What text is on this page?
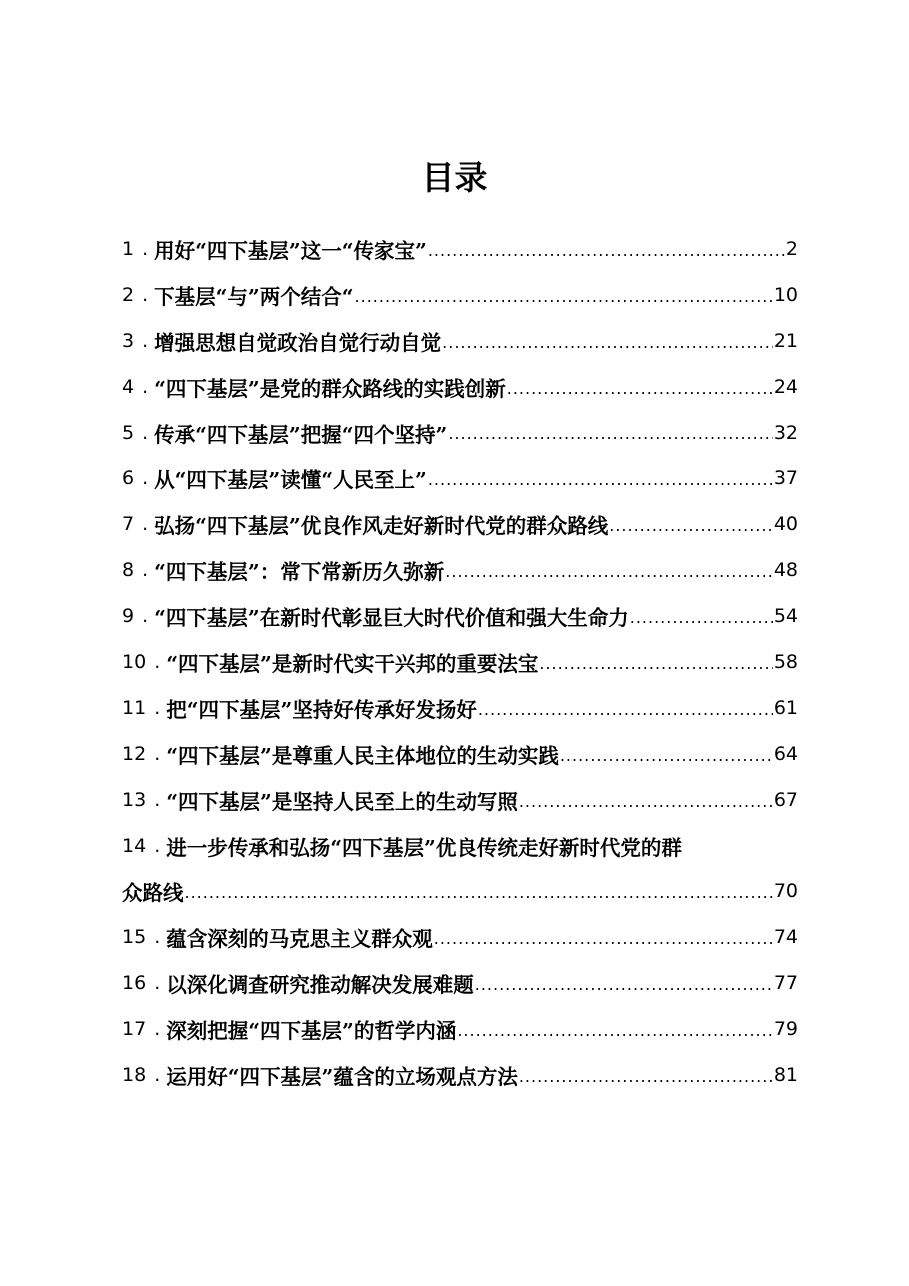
目录
1 . 用好“四下基层”这一“传家宝” .....	2
2 . 下基层“与”两个结合“ .....	10
3 . 增强思想自觉政治自觉行动自觉 .....	21
4 . “四下基层”是党的群众路线的实践创新 .....	24
5 . 传承“四下基层”把握“四个坚持” .....	32
6 . 从“四下基层”读懂“人民至上” .....	37
7 . 弘扬“四下基层”优良作风走好新时代党的群众路线 .....	40
8 . “四下基层”：常下常新历久弥新 .....	48
9 . “四下基层”在新时代彰显巨大时代价值和强大生命力 .....	54
10 . “四下基层”是新时代实干兴邦的重要法宝 .....	58
11 . 把“四下基层”坚持好传承好发扬好 .....	61
12 . “四下基层”是尊重人民主体地位的生动实践 .....	64
13 . “四下基层”是坚持人民至上的生动写照 .....	67
14 . 进一步传承和弘扬“四下基层”优良传统走好新时代党的群
众路线 .....	70
15 . 蕴含深刻的马克思主义群众观 .....	74
16 . 以深化调查研究推动解决发展难题 .....	77
17 . 深刻把握“四下基层”的哲学内涵 .....	79
18 . 运用好“四下基层”蕴含的立场观点方法 .....	81
